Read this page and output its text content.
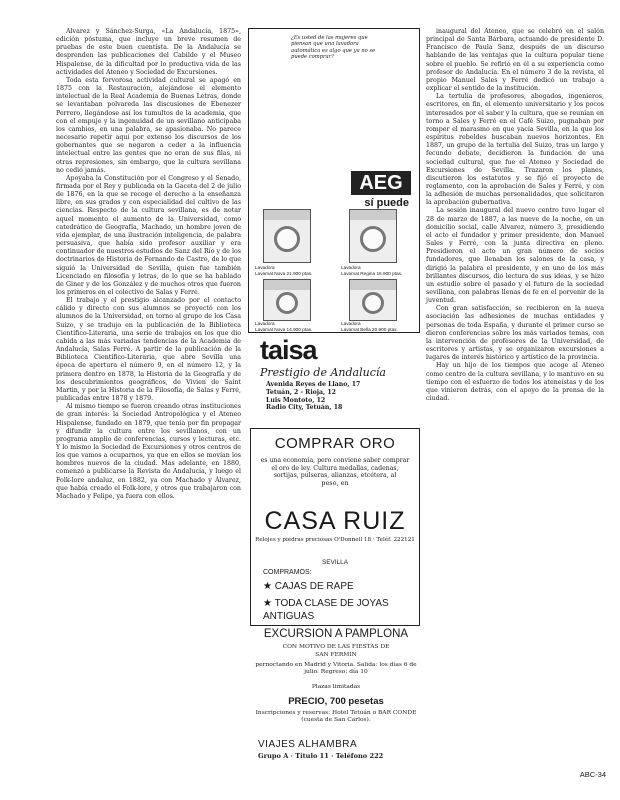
Alvarez y Sánchez-Surga, «La Andalucía, 1875», edición póstuma, que incluye un breve resumen de pruebas de este buen cuentista. De la Andalucía se desprenden las publicaciones del Cabildo y el Museo Hispalense, de la dificultad por lo productiva vida de las actividades del Ateneo y Sociedad de Excursiones.

Toda esta fervorosa actividad cultural se apagó en 1875 con la Restauración, alejándose el elemento intelectual de la Real Academia de Buenas Letras, donde se levantaban polvareda las discusiones de Ebenezer Perrero, llegándose así los tumultos de la academia, que con el empuje y la ingenuidad de un sevillano anticipaba los cambios, en una palabra, se apasionaba. No parece necesario repetir aquí por extenso los discursos de los gobernantes que se negaron a ceder a la influencia intelectual entre las gentes que no eran de sus filas, ni otras represiones, sin embargo, que la cultura sevillana no cedió jamás.

Apoyaba la Constitución por el Congreso y el Senado, firmada por el Rey y publicada en la Gaceta del 2 de julio de 1876, en la que se recoge el derecho a la enseñanza libre, en sus grados y con especialidad del cultivo de las ciencias. Respecto de la cultura sevillana, es de notar aquel momento el aumento de la Universidad, como catedrático de Geografía, Machado, un hombre joven de vida ejemplar, de una ilustración inteligencia, de palabra persuasiva, que había sido profesor auxiliar y era continuador de nuestros estudios de Sanz del Río y de los doctrinarios de Historia de Fernando de Castro, de lo que siguió la Universidad de Sevilla, quien fue también Licenciado en filosofía y letras, de lo que se ha hablado de Giner y de los González y de muchos otros que fueron los primeros en el colectivo de Salas y Ferré.

El trabajo y el prestigio alcanzado por el contacto cálido y directo con sus alumnos se proyectó con los alumnos de la Universidad, en torno al grupo de los Casa Suizo, y se tradujo en la publicación de la Biblioteca Científico-Literaria, una serie de trabajos en los que dio cabida a las más variadas tendencias de la Academia de Andalucía, Salas Ferré. A partir de la publicación de la Biblioteca Científico-Literaria, que abre Sevilla una época de apertura el número 9, en el número 12, y la primera dentro en 1878, la Historia de la Geografía y de los descubrimientos geográficos, de Vivien de Saint Martin, y por la Historia de la Filosofía, de Salas y Ferré, publicadas entre 1878 y 1879.

Al mismo tiempo se fueron creando otras instituciones de gran interés: la Sociedad Antropológica y el Ateneo Hispalense, fundado en 1879, que tenía por fin propagar y difundir la cultura entre los sevillanos, con un programa amplio de conferencias, cursos y lecturas, etc. Y lo mismo la Sociedad de Excursiones y otros centros de los que vamos a ocuparnos, ya que en ellos se movían los hombres nuevos de la ciudad. Mas adelante, en 1880, comenzó a publicarse la Revista de Andalucía, y luego el Folk-lore andaluz, en 1882, ya con Machado y Álvarez, que había creado el Folk-lore, y otros que trabajaron con Machado y Felipe, ya fuera con ellos.

¿Es usted de las mujeres que piensan que una lavadora automática es algo que ya no se puede comprar?
AEG
sí puede
Lavadora
Lavamat Nova 21.900 ptas.
Lavadora
Lavamat Regina 16.900 ptas.
Lavadora
Lavamat Nova 14.900 ptas.
Lavadora
Lavamat Bella 20.900 ptas.
taisa
Prestigio de Andalucía
Avenida Reyes de Llano, 17
Tetuán, 2 - Rioja, 12
Luis Montoto, 12
Radio City, Tetuán, 18
COMPRAR ORO
es una economía, pero conviene saber comprar el oro de ley. Cultura medallas, cadenas, sortijas, pulseras, alianzas, etcétera, al
peso, en
CASA RUIZ
Relojes y piedras preciosas O'Donnell 18 · Teléf. 222121
SEVILLA
COMPRAMOS:
★ CAJAS DE RAPE
★ TODA CLASE DE JOYAS ANTIGUAS
EXCURSION A PAMPLONA
CON MOTIVO DE LAS FIESTAS DE
SAN FERMIN
pernoctando en Madrid y Vitoria. Salida: los días 6 de julio. Regreso: día 10
Plazas limitadas
PRECIO, 700 pesetas
Inscripciones y reservas: Hotel Tetuán o BAR CONDE (cuesta de San Carlos).
VIAJES ALHAMBRA
Grupo A · Título 11 · Teléfono 222

inaugural del Ateneo, que se celebró en el salón principal de Santa Bárbara, actuando de presidente D. Francisco de Paula Sanz, después de un discurso hablando de las ventajas que la cultura popular tiene sobre el pueblo. Se refirió en él a su experiencia como profesor de Andalucía. En el número 3 de la revista, el propio Manuel Sales y Ferré dedicó un trabajo a explicar el sentido de la institución.

La tertulia de profesores, abogados, ingenieros, escritores, en fin, el elemento universitario y los pocos interesados por el saber y la cultura, que se reunían en torno a Sales y Ferré en el Café Suizo, pugnaban por romper el marasmo en que yacía Sevilla, en la que los espíritus rebeldes buscaban nuevos horizontes. En 1887, un grupo de la tertulia del Suizo, tras un largo y fecundo debate, decidieron la fundación de una sociedad cultural, que fue el Ateneo y Sociedad de Excursiones de Sevilla. Trazaron los planes, discutieron los estatutos y se fijó el proyecto de reglamento, con la aprobación de Sales y Ferré, y con la adhesión de muchas personalidades, que solicitaron la aprobación gubernativa.

La sesión inaugural del nuevo centro tuvo lugar el 28 de marzo de 1887, a las nueve de la noche, en un domicilio social, calle Alvarez, número 3, presidiendo el acto el fundador y primer presidente, don Manuel Sales y Ferré, con la junta directiva en pleno. Presidieron el acto un gran número de socios fundadores, que llenaban los salones de la casa, y dirigió la palabra el presidente, y en uno de los más brillantes discursos, dio lectura de sus ideas, y se hizo un estudio sobre el pasado y el futuro de la sociedad sevillana, con palabras llenas de fe en el porvenir de la juventud.

Con gran satisfacción, se recibieron en la nueva asociación las adhesiones de muchas entidades y personas de toda España, y durante el primer curso se dieron conferencias sobre los más variados temas, con la intervención de profesores de la Universidad, de escritores y artistas, y se organizaron excursiones a lugares de interés histórico y artístico de la provincia.

Hay un hijo de los tiempos que acoge al Ateneo como centro de la cultura sevillana, y lo mantuvo en su tiempo con el esfuerzo de todos los ateneístas y de los que vinieron detrás, con el apoyo de la prensa de la ciudad.

ABC-34
